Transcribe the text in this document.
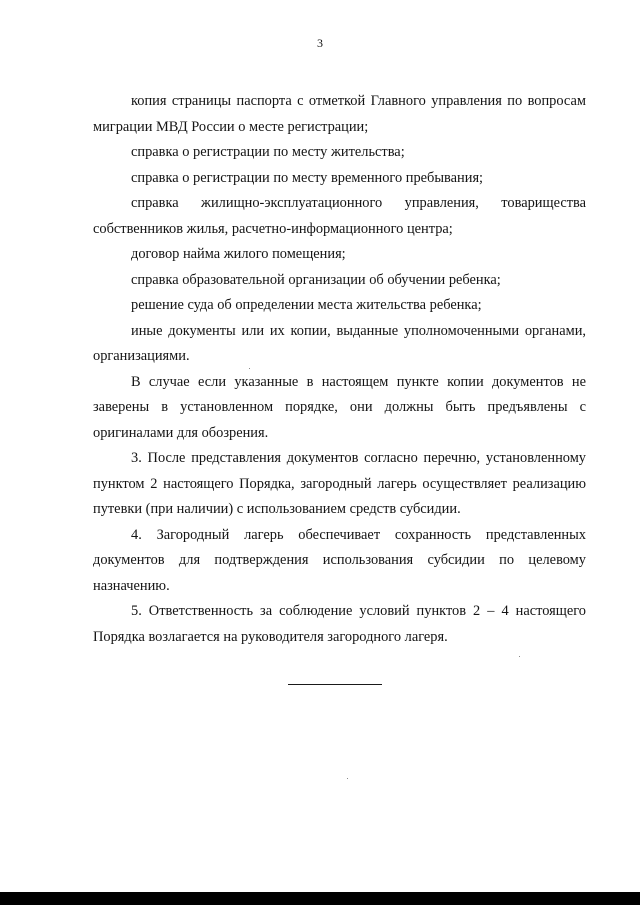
3

копия страницы паспорта с отметкой Главного управления по вопросам миграции МВД России о месте регистрации;

справка о регистрации по месту жительства;

справка о регистрации по месту временного пребывания;

справка жилищно-эксплуатационного управления, товарищества собственников жилья, расчетно-информационного центра;

договор найма жилого помещения;

справка образовательной организации об обучении ребенка;

решение суда об определении места жительства ребенка;

иные документы или их копии, выданные уполномоченными органами, организациями.

В случае если указанные в настоящем пункте копии документов не заверены в установленном порядке, они должны быть предъявлены с оригиналами для обозрения.

3. После представления документов согласно перечню, установленному пунктом 2 настоящего Порядка, загородный лагерь осуществляет реализацию путевки (при наличии) с использованием средств субсидии.

4. Загородный лагерь обеспечивает сохранность представленных документов для подтверждения использования субсидии по целевому назначению.

5. Ответственность за соблюдение условий пунктов 2 – 4 настоящего Порядка возлагается на руководителя загородного лагеря.
